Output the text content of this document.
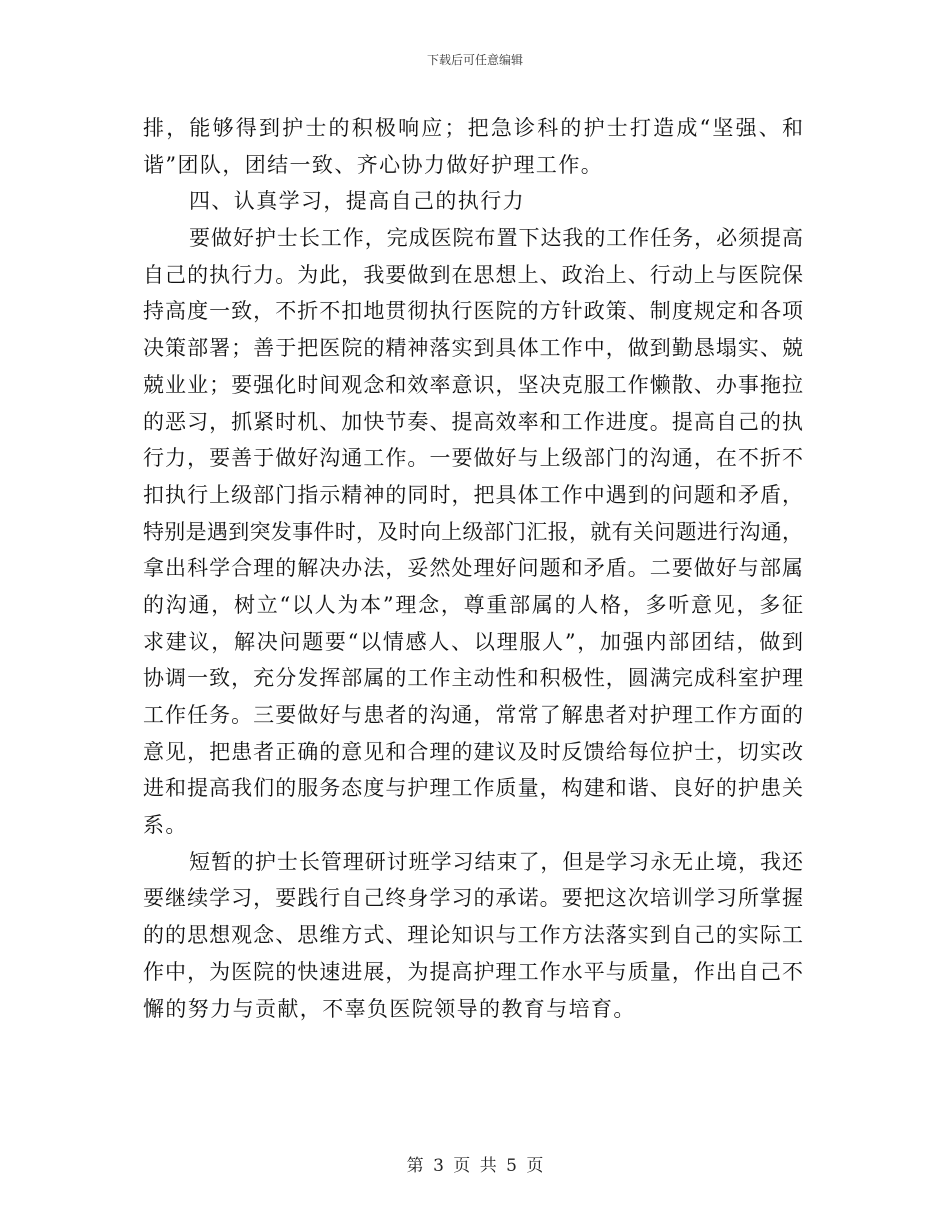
下载后可任意编辑
排，能够得到护士的积极响应；把急诊科的护士打造成“坚强、和
谐”团队，团结一致、齐心协力做好护理工作。
四、认真学习，提高自己的执行力
要做好护士长工作，完成医院布置下达我的工作任务，必须提高
自己的执行力。为此，我要做到在思想上、政治上、行动上与医院保
持高度一致，不折不扣地贯彻执行医院的方针政策、制度规定和各项
决策部署；善于把医院的精神落实到具体工作中，做到勤恳塌实、兢
兢业业；要强化时间观念和效率意识，坚决克服工作懒散、办事拖拉
的恶习，抓紧时机、加快节奏、提高效率和工作进度。提高自己的执
行力，要善于做好沟通工作。一要做好与上级部门的沟通，在不折不
扣执行上级部门指示精神的同时，把具体工作中遇到的问题和矛盾，
特别是遇到突发事件时，及时向上级部门汇报，就有关问题进行沟通，
拿出科学合理的解决办法，妥然处理好问题和矛盾。二要做好与部属
的沟通，树立“以人为本”理念，尊重部属的人格，多听意见，多征
求建议，解决问题要“以情感人、以理服人”，加强内部团结，做到
协调一致，充分发挥部属的工作主动性和积极性，圆满完成科室护理
工作任务。三要做好与患者的沟通，常常了解患者对护理工作方面的
意见，把患者正确的意见和合理的建议及时反馈给每位护士，切实改
进和提高我们的服务态度与护理工作质量，构建和谐、良好的护患关
系。
短暂的护士长管理研讨班学习结束了，但是学习永无止境，我还
要继续学习，要践行自己终身学习的承诺。要把这次培训学习所掌握
的的思想观念、思维方式、理论知识与工作方法落实到自己的实际工
作中，为医院的快速进展，为提高护理工作水平与质量，作出自己不
懈的努力与贡献，不辜负医院领导的教育与培育。
第 3 页 共 5 页
